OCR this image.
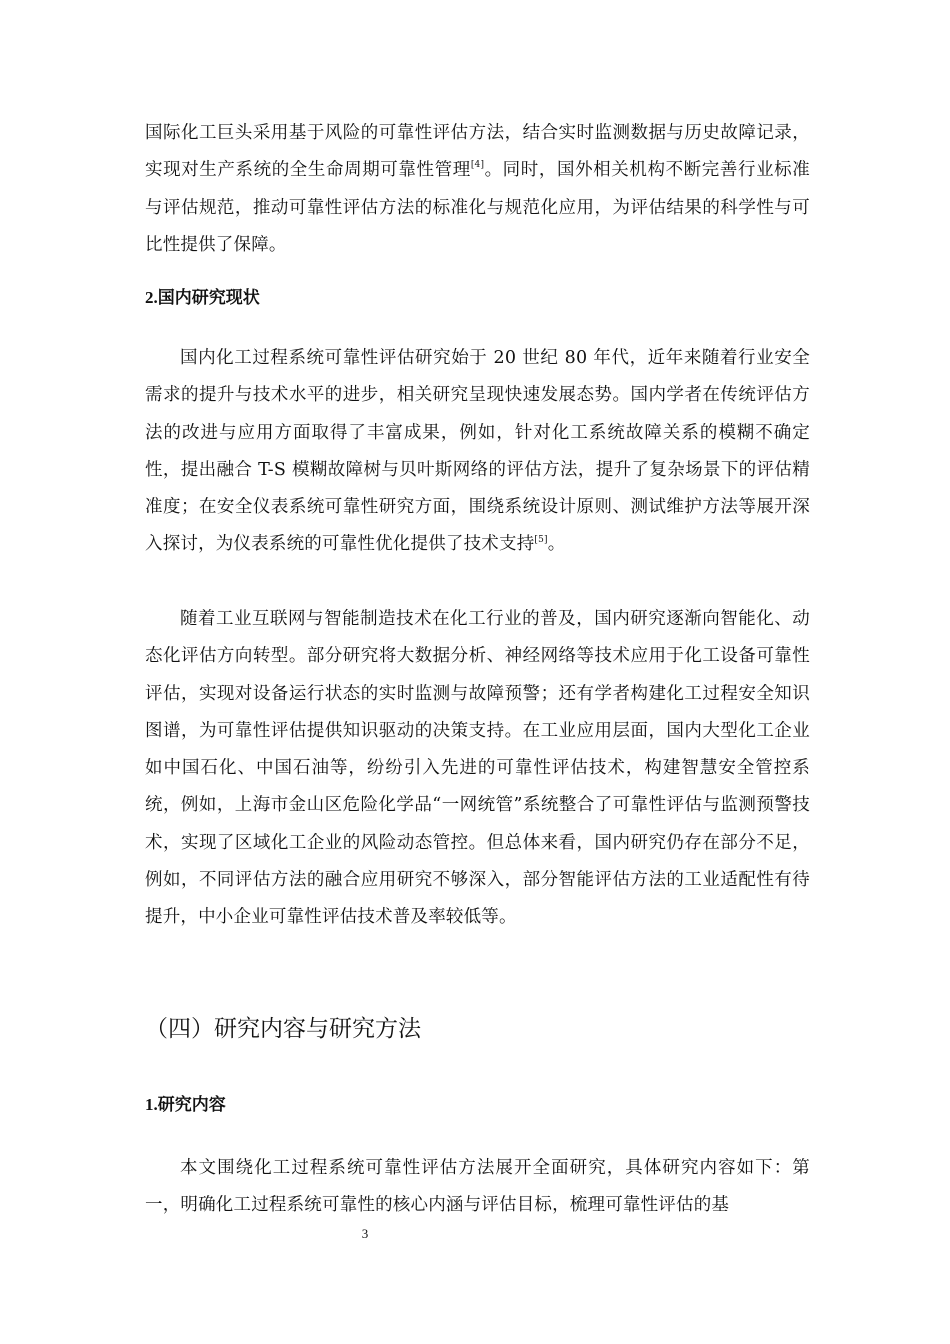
国际化工巨头采用基于风险的可靠性评估方法，结合实时监测数据与历史故障记录，实现对生产系统的全生命周期可靠性管理[4]。同时，国外相关机构不断完善行业标准与评估规范，推动可靠性评估方法的标准化与规范化应用，为评估结果的科学性与可比性提供了保障。

2.国内研究现状

国内化工过程系统可靠性评估研究始于 20 世纪 80 年代，近年来随着行业安全需求的提升与技术水平的进步，相关研究呈现快速发展态势。国内学者在传统评估方法的改进与应用方面取得了丰富成果，例如，针对化工系统故障关系的模糊不确定性，提出融合 T-S 模糊故障树与贝叶斯网络的评估方法，提升了复杂场景下的评估精准度；在安全仪表系统可靠性研究方面，围绕系统设计原则、测试维护方法等展开深入探讨，为仪表系统的可靠性优化提供了技术支持[5]。

随着工业互联网与智能制造技术在化工行业的普及，国内研究逐渐向智能化、动态化评估方向转型。部分研究将大数据分析、神经网络等技术应用于化工设备可靠性评估，实现对设备运行状态的实时监测与故障预警；还有学者构建化工过程安全知识图谱，为可靠性评估提供知识驱动的决策支持。在工业应用层面，国内大型化工企业如中国石化、中国石油等，纷纷引入先进的可靠性评估技术，构建智慧安全管控系统，例如，上海市金山区危险化学品“一网统管”系统整合了可靠性评估与监测预警技术，实现了区域化工企业的风险动态管控。但总体来看，国内研究仍存在部分不足，例如，不同评估方法的融合应用研究不够深入，部分智能评估方法的工业适配性有待提升，中小企业可靠性评估技术普及率较低等。

（四）研究内容与研究方法
1.研究内容

本文围绕化工过程系统可靠性评估方法展开全面研究，具体研究内容如下：第一，明确化工过程系统可靠性的核心内涵与评估目标，梳理可靠性评估的基

3
